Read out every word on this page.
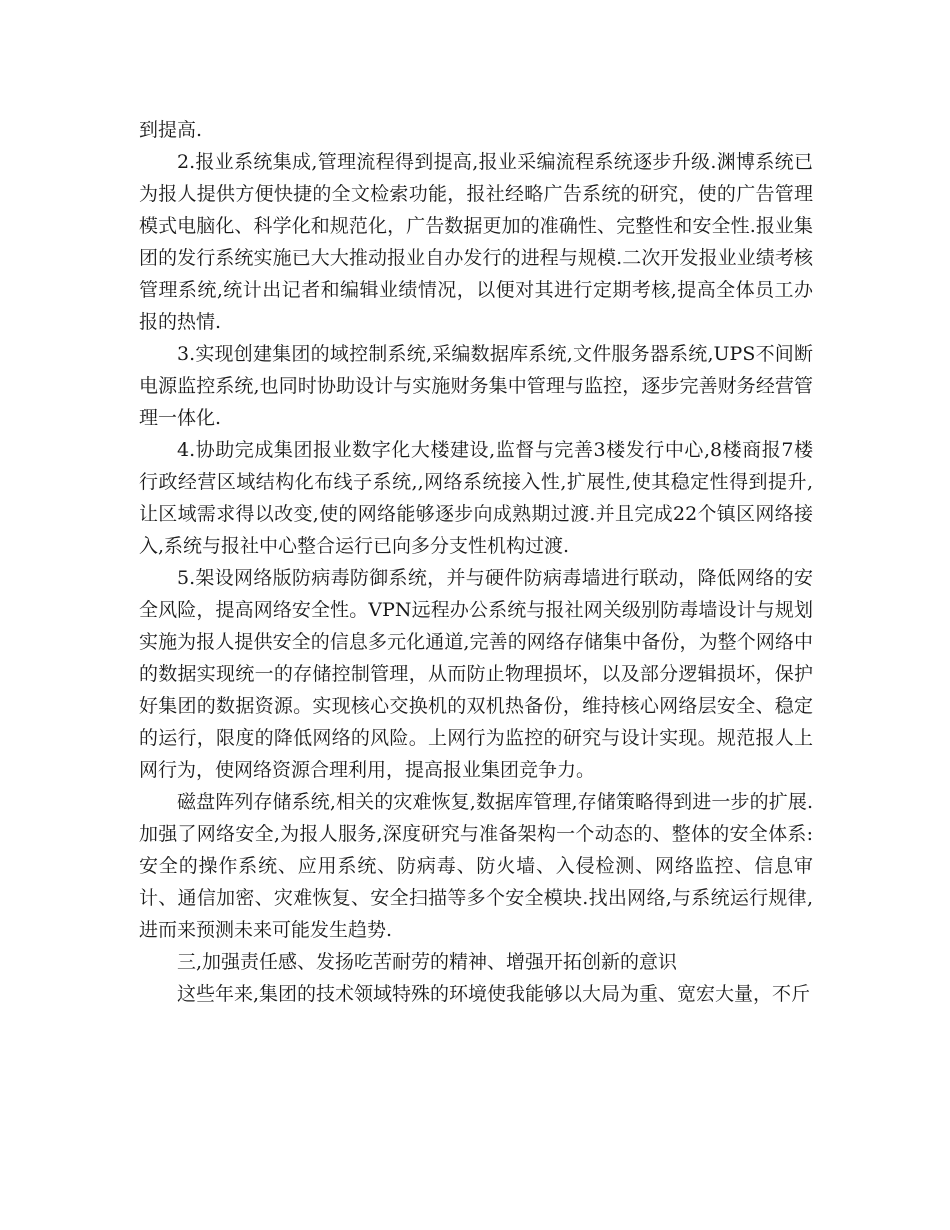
到提高.

2.报业系统集成,管理流程得到提高,报业采编流程系统逐步升级.渊博系统已为报人提供方便快捷的全文检索功能，报社经略广告系统的研究，使的广告管理模式电脑化、科学化和规范化，广告数据更加的准确性、完整性和安全性.报业集团的发行系统实施已大大推动报业自办发行的进程与规模.二次开发报业业绩考核管理系统,统计出记者和编辑业绩情况，以便对其进行定期考核,提高全体员工办报的热情.

3.实现创建集团的域控制系统,采编数据库系统,文件服务器系统,UPS不间断电源监控系统,也同时协助设计与实施财务集中管理与监控，逐步完善财务经营管理一体化.

4.协助完成集团报业数字化大楼建设,监督与完善3楼发行中心,8楼商报7楼行政经营区域结构化布线子系统,,网络系统接入性,扩展性,使其稳定性得到提升,让区域需求得以改变,使的网络能够逐步向成熟期过渡.并且完成22个镇区网络接入,系统与报社中心整合运行已向多分支性机构过渡.

5.架设网络版防病毒防御系统，并与硬件防病毒墙进行联动，降低网络的安全风险，提高网络安全性。VPN远程办公系统与报社网关级别防毒墙设计与规划实施为报人提供安全的信息多元化通道,完善的网络存储集中备份，为整个网络中的数据实现统一的存储控制管理，从而防止物理损坏，以及部分逻辑损坏，保护好集团的数据资源。实现核心交换机的双机热备份，维持核心网络层安全、稳定的运行，限度的降低网络的风险。上网行为监控的研究与设计实现。规范报人上网行为，使网络资源合理利用，提高报业集团竞争力。

磁盘阵列存储系统,相关的灾难恢复,数据库管理,存储策略得到进一步的扩展.加强了网络安全,为报人服务,深度研究与准备架构一个动态的、整体的安全体系:安全的操作系统、应用系统、防病毒、防火墙、入侵检测、网络监控、信息审计、通信加密、灾难恢复、安全扫描等多个安全模块.找出网络,与系统运行规律,进而来预测未来可能发生趋势.

三,加强责任感、发扬吃苦耐劳的精神、增强开拓创新的意识

这些年来,集团的技术领域特殊的环境使我能够以大局为重、宽宏大量，不斤
